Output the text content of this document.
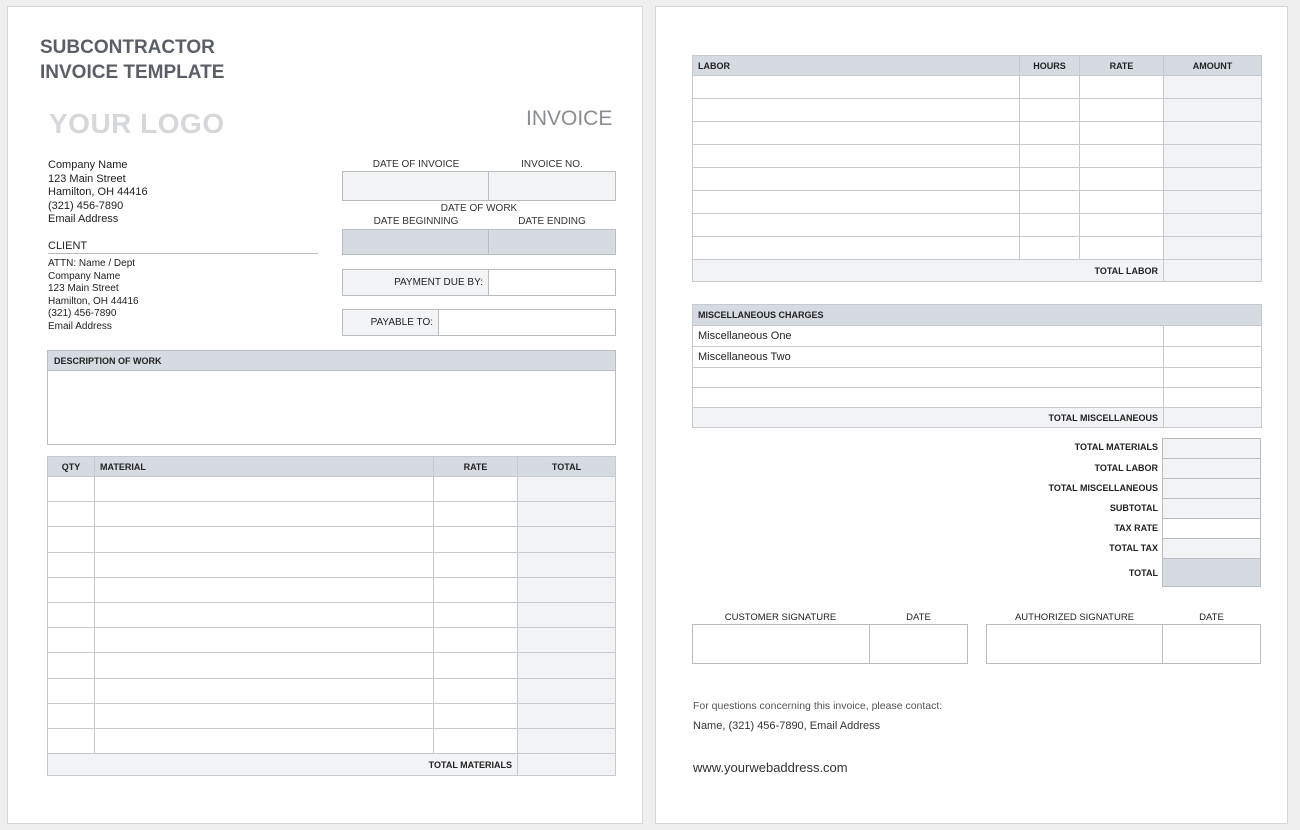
SUBCONTRACTOR
INVOICE TEMPLATE
YOUR LOGO	INVOICE
Company Name
123 Main Street
Hamilton, OH 44416
(321) 456-7890
Email Address
CLIENT
ATTN: Name / Dept
Company Name
123 Main Street
Hamilton, OH 44416
(321) 456-7890
Email Address
DATE OF INVOICE	INVOICE NO.
DATE OF WORK
DATE BEGINNING	DATE ENDING
PAYMENT DUE BY:
PAYABLE TO:
DESCRIPTION OF WORK
QTY	MATERIAL	RATE	TOTAL

TOTAL MATERIALS			
LABOR	HOURS	RATE	AMOUNT

TOTAL LABOR			
MISCELLANEOUS CHARGES	
Miscellaneous One	
Miscellaneous Two	

TOTAL MISCELLANEOUS	
TOTAL MATERIALS
TOTAL LABOR
TOTAL MISCELLANEOUS
SUBTOTAL
TAX RATE
TOTAL TAX
TOTAL
CUSTOMER SIGNATURE	DATE	AUTHORIZED SIGNATURE	DATE
For questions concerning this invoice, please contact:
Name, (321) 456-7890, Email Address
www.yourwebaddress.com
